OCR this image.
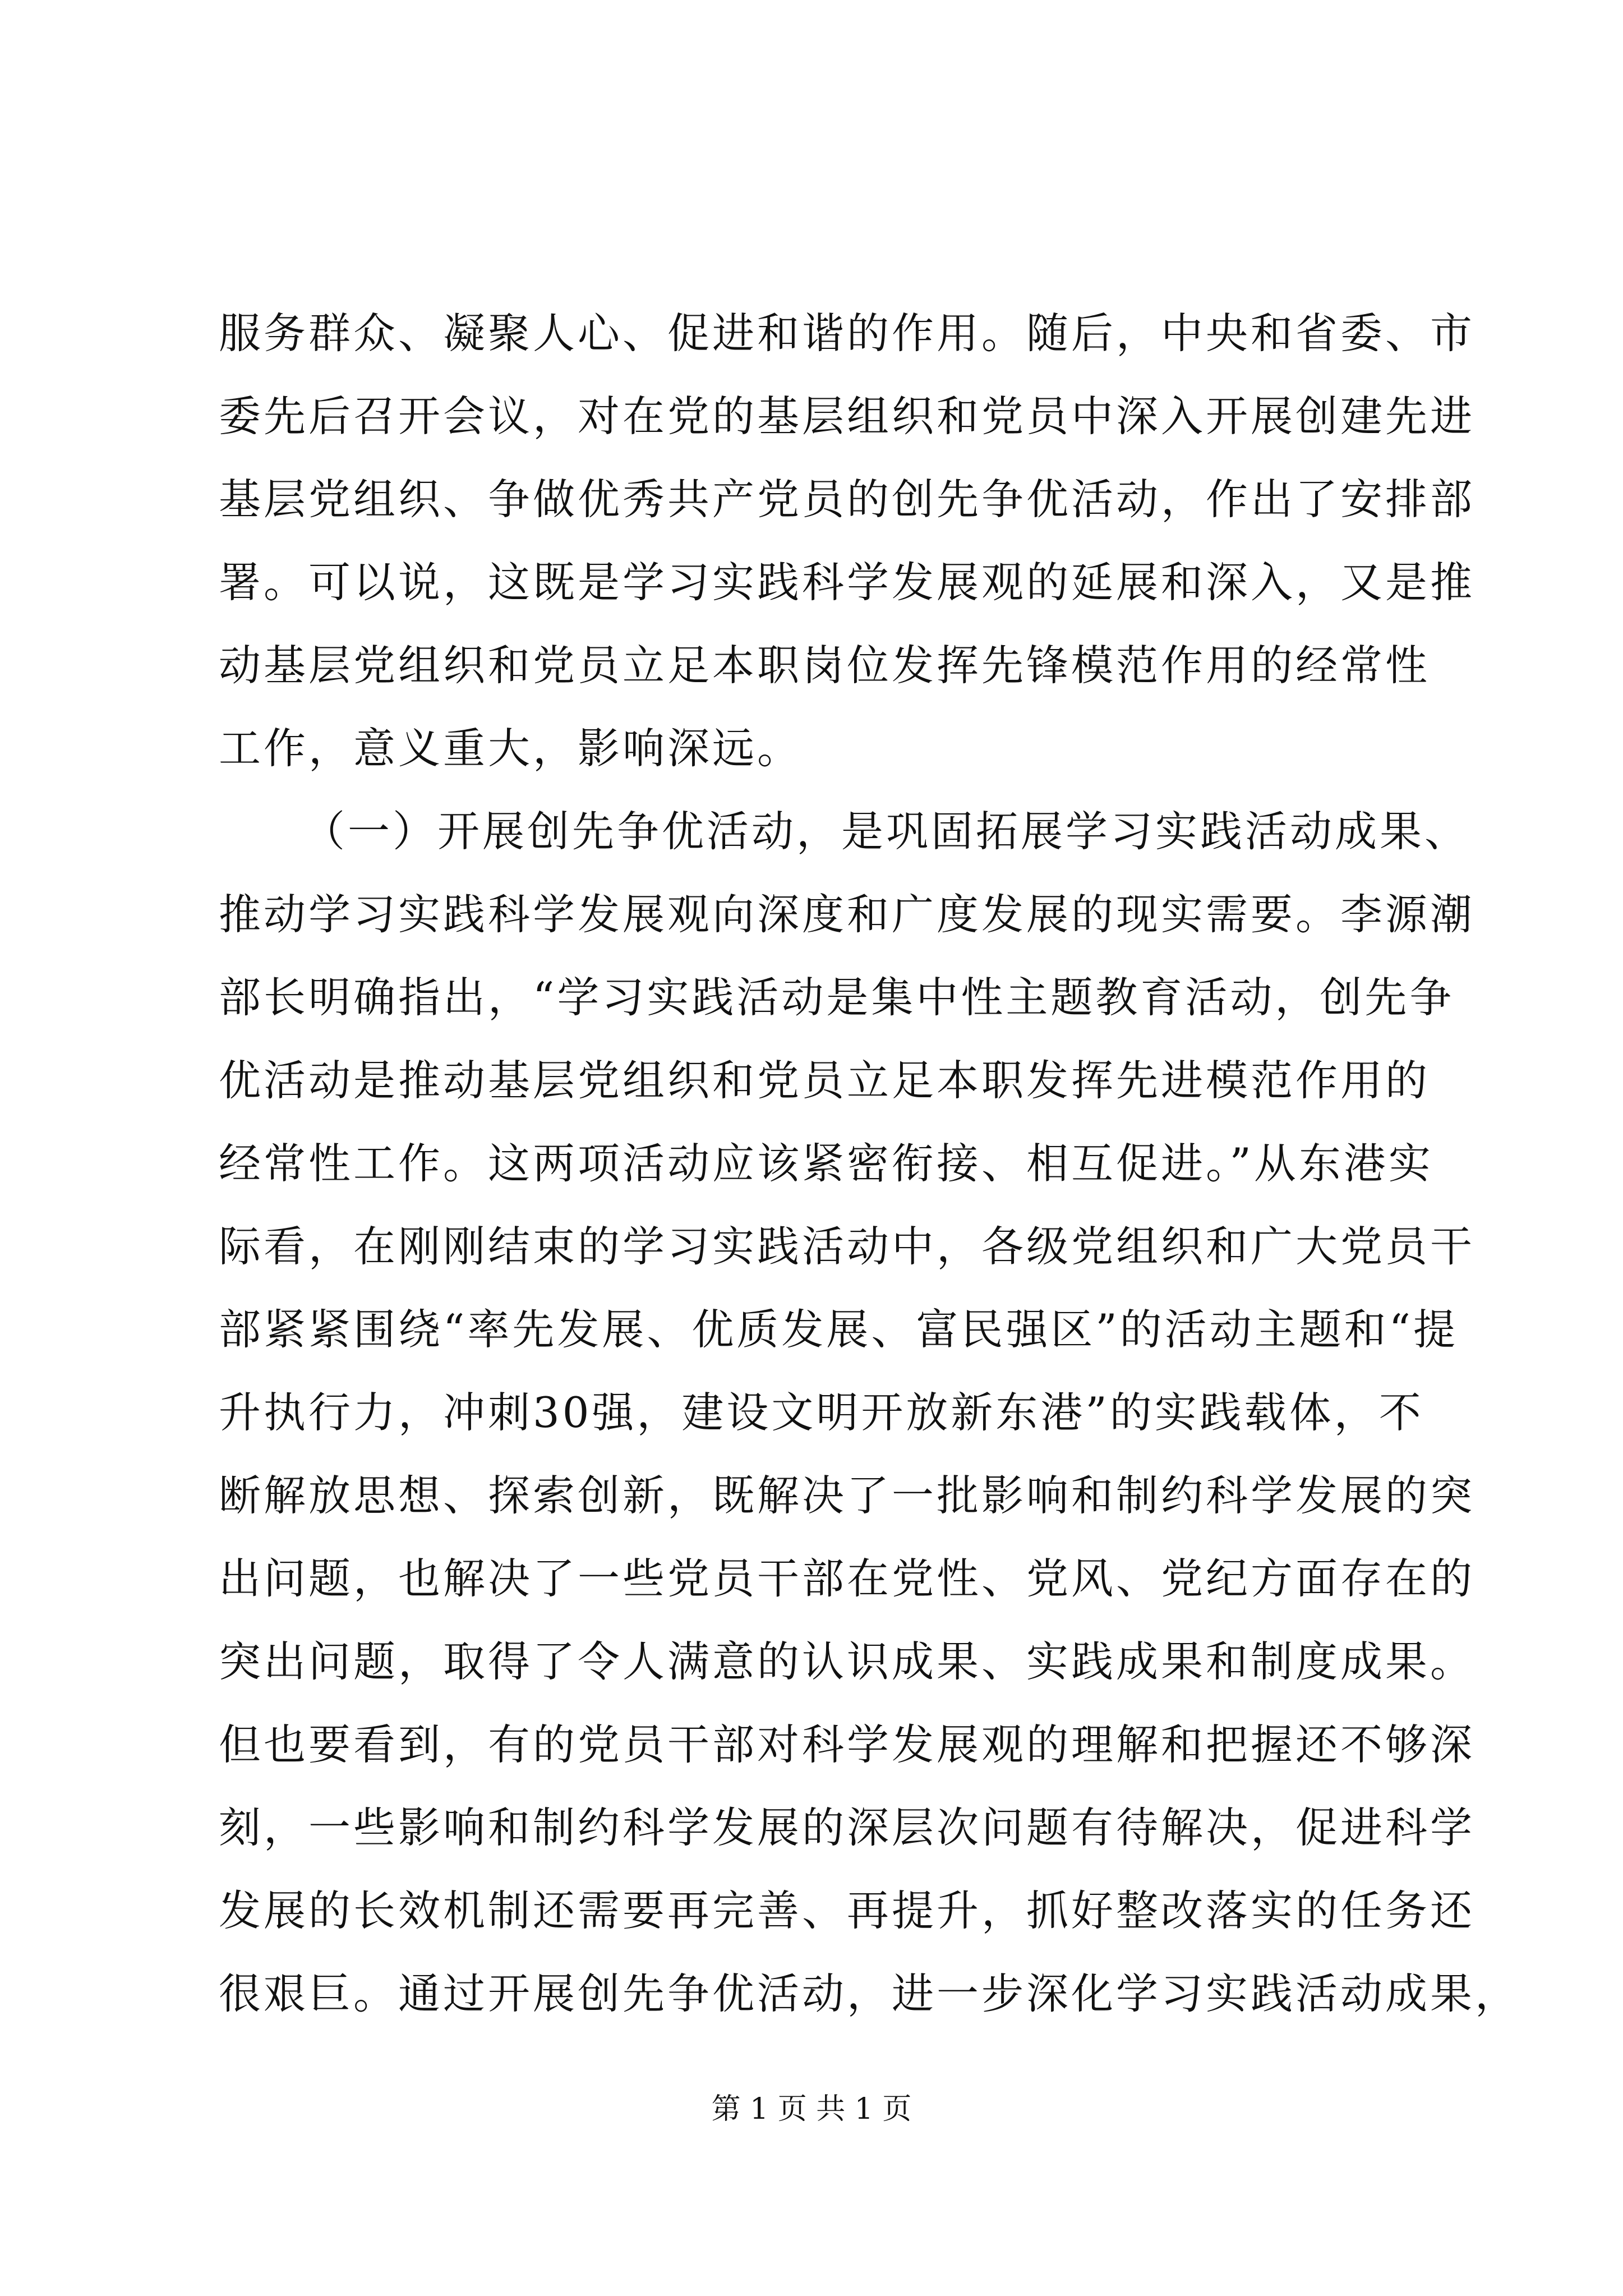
服务群众、凝聚人心、促进和谐的作用。随后，中央和省委、市
委先后召开会议，对在党的基层组织和党员中深入开展创建先进
基层党组织、争做优秀共产党员的创先争优活动，作出了安排部
署。可以说，这既是学习实践科学发展观的延展和深入，又是推
动基层党组织和党员立足本职岗位发挥先锋模范作用的经常性
工作，意义重大，影响深远。
（一）开展创先争优活动，是巩固拓展学习实践活动成果、
推动学习实践科学发展观向深度和广度发展的现实需要。李源潮
部长明确指出，“学习实践活动是集中性主题教育活动，创先争
优活动是推动基层党组织和党员立足本职发挥先进模范作用的
经常性工作。这两项活动应该紧密衔接、相互促进。”从东港实
际看，在刚刚结束的学习实践活动中，各级党组织和广大党员干
部紧紧围绕“率先发展、优质发展、富民强区”的活动主题和“提
升执行力，冲刺30强，建设文明开放新东港”的实践载体，不
断解放思想、探索创新，既解决了一批影响和制约科学发展的突
出问题，也解决了一些党员干部在党性、党风、党纪方面存在的
突出问题，取得了令人满意的认识成果、实践成果和制度成果。
但也要看到，有的党员干部对科学发展观的理解和把握还不够深
刻，一些影响和制约科学发展的深层次问题有待解决，促进科学
发展的长效机制还需要再完善、再提升，抓好整改落实的任务还
很艰巨。通过开展创先争优活动，进一步深化学习实践活动成果，
第 1 页 共 1 页
